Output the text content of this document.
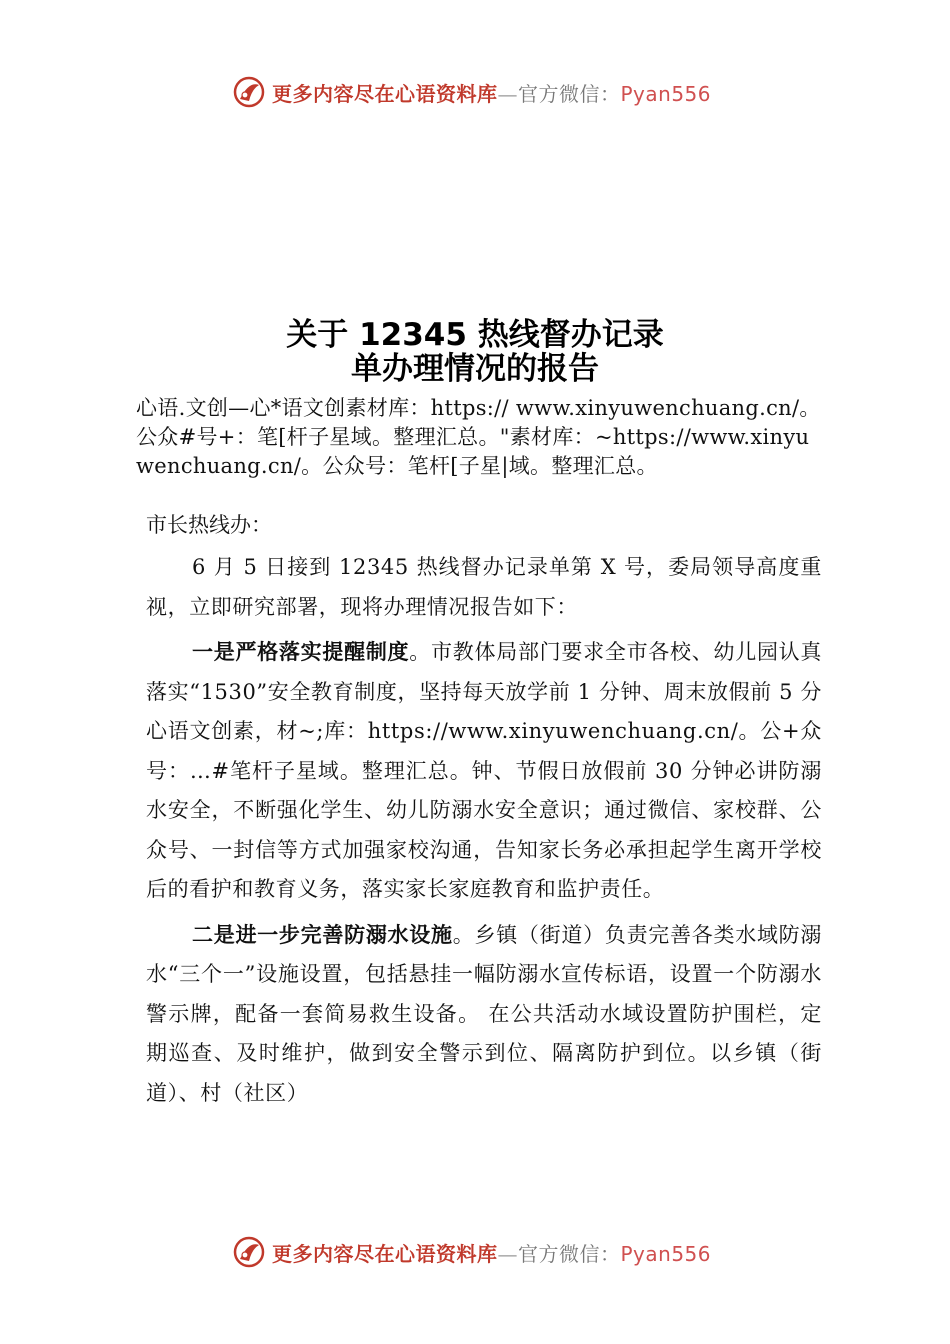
更多内容尽在心语资料库—官方微信：Pyan556
关于 12345 热线督办记录
单办理情况的报告
心语.文创—心*语文创素材库：https:// www.xinyuwenchuang.cn/。公众#号+：笔[杆子星域。整理汇总。"素材库：~https://www.xinyuwenchuang.cn/。公众号：笔杆[子星|域。整理汇总。
市长热线办：

6 月 5 日接到 12345 热线督办记录单第 X 号，委局领导高度重视，立即研究部署，现将办理情况报告如下：

一是严格落实提醒制度。市教体局部门要求全市各校、幼儿园认真落实“1530”安全教育制度，坚持每天放学前 1 分钟、周末放假前 5 分心语文创素，材~;库：https://www.xinyuwenchuang.cn/。公+众号：…#笔杆子星域。整理汇总。钟、节假日放假前 30 分钟必讲防溺水安全，不断强化学生、幼儿防溺水安全意识；通过微信、家校群、公众号、一封信等方式加强家校沟通，告知家长务必承担起学生离开学校后的看护和教育义务，落实家长家庭教育和监护责任。

二是进一步完善防溺水设施。乡镇（街道）负责完善各类水域防溺水“三个一”设施设置，包括悬挂一幅防溺水宣传标语，设置一个防溺水警示牌，配备一套简易救生设备。 在公共活动水域设置防护围栏，定期巡查、及时维护，做到安全警示到位、隔离防护到位。以乡镇（街道）、村（社区）

更多内容尽在心语资料库—官方微信：Pyan556
